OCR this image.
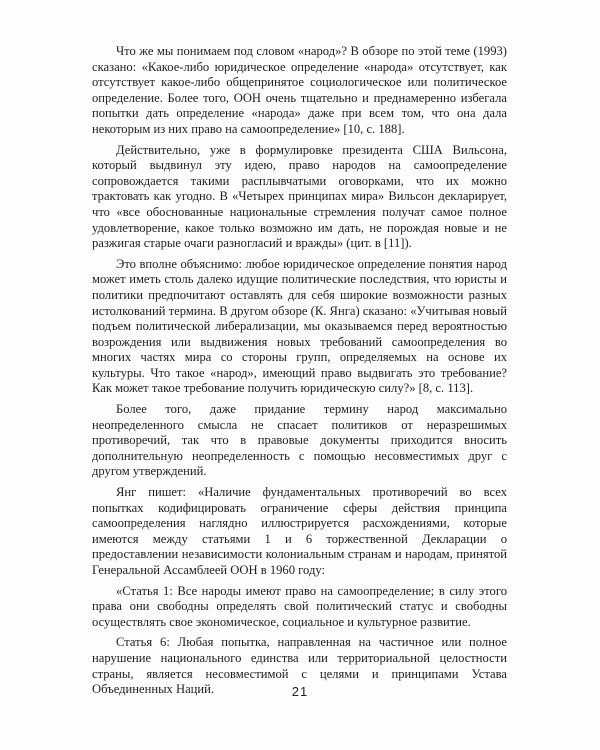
Что же мы понимаем под словом «народ»? В обзоре по этой теме (1993) сказано: «Какое-либо юридическое определение «народа» отсутствует, как отсутствует какое-либо общепринятое социологическое или политическое определение. Более того, ООН очень тщательно и преднамеренно избегала попытки дать определение «народа» даже при всем том, что она дала некоторым из них право на самоопределение» [10, с. 188].

Действительно, уже в формулировке президента США Вильсона, который выдвинул эту идею, право народов на самоопределение сопровождается такими расплывчатыми оговорками, что их можно трактовать как угодно. В «Четырех принципах мира» Вильсон декларирует, что «все обоснованные национальные стремления получат самое полное удовлетворение, какое только возможно им дать, не порождая новые и не разжигая старые очаги разногласий и вражды» (цит. в [11]).

Это вполне объяснимо: любое юридическое определение понятия народ может иметь столь далеко идущие политические последствия, что юристы и политики предпочитают оставлять для себя широкие возможности разных истолкований термина. В другом обзоре (К. Янга) сказано: «Учитывая новый подъем политической либерализации, мы оказываемся перед вероятностью возрождения или выдвижения новых требований самоопределения во многих частях мира со стороны групп, определяемых на основе их культуры. Что такое «народ», имеющий право выдвигать это требование? Как может такое требование получить юридическую силу?» [8, с. 113].

Более того, даже придание термину народ максимально неопределенного смысла не спасает политиков от неразрешимых противоречий, так что в правовые документы приходится вносить дополнительную неопределенность с помощью несовместимых друг с другом утверждений.

Янг пишет: «Наличие фундаментальных противоречий во всех попытках кодифицировать ограничение сферы действия принципа самоопределения наглядно иллюстрируется расхождениями, которые имеются между статьями 1 и 6 торжественной Декларации о предоставлении независимости колониальным странам и народам, принятой Генеральной Ассамблеей ООН в 1960 году:

«Статья 1: Все народы имеют право на самоопределение; в силу этого права они свободны определять свой политический статус и свободны осуществлять свое экономическое, социальное и культурное развитие.

Статья 6: Любая попытка, направленная на частичное или полное нарушение национального единства или территориальной целостности страны, является несовместимой с целями и принципами Устава Объединенных Наций.	21
